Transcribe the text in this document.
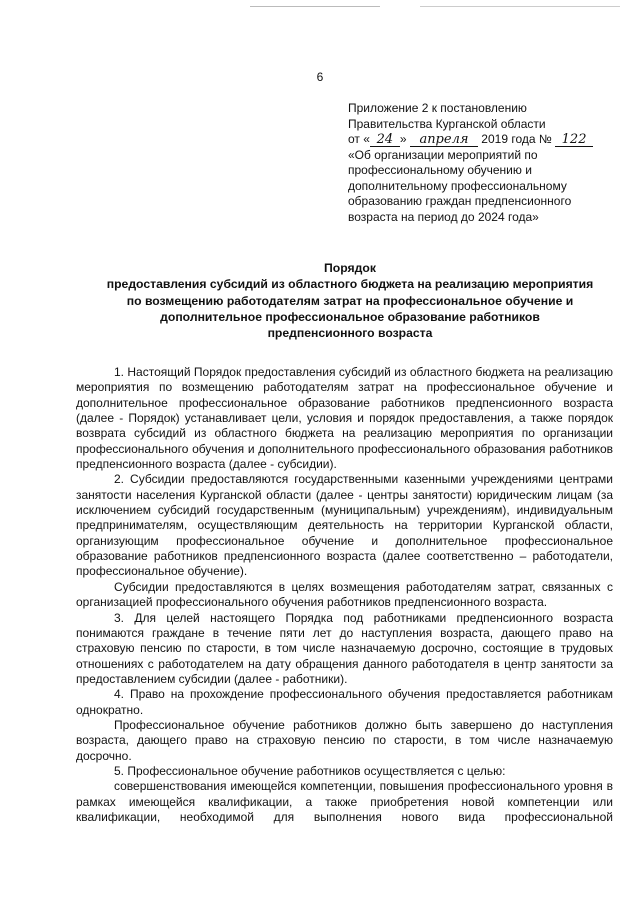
6
Приложение 2 к постановлению
Правительства Курганской области
от « 24 » апреля 2019 года № 122
«Об организации мероприятий по
профессиональному обучению и
дополнительному профессиональному
образованию граждан предпенсионного
возраста на период до 2024 года»
Порядок
предоставления субсидий из областного бюджета на реализацию мероприятия
по возмещению работодателям затрат на профессиональное обучение и
дополнительное профессиональное образование работников
предпенсионного возраста

1. Настоящий Порядок предоставления субсидий из областного бюджета на реализацию мероприятия по возмещению работодателям затрат на профессиональное обучение и дополнительное профессиональное образование работников предпенсионного возраста (далее - Порядок) устанавливает цели, условия и порядок предоставления, а также порядок возврата субсидий из областного бюджета на реализацию мероприятия по организации профессионального обучения и дополнительного профессионального образования работников предпенсионного возраста (далее - субсидии).

2. Субсидии предоставляются государственными казенными учреждениями центрами занятости населения Курганской области (далее - центры занятости) юридическим лицам (за исключением субсидий государственным (муниципальным) учреждениям), индивидуальным предпринимателям, осуществляющим деятельность на территории Курганской области, организующим профессиональное обучение и дополнительное профессиональное образование работников предпенсионного возраста (далее соответственно – работодатели, профессиональное обучение).

Субсидии предоставляются в целях возмещения работодателям затрат, связанных с организацией профессионального обучения работников предпенсионного возраста.

3. Для целей настоящего Порядка под работниками предпенсионного возраста понимаются граждане в течение пяти лет до наступления возраста, дающего право на страховую пенсию по старости, в том числе назначаемую досрочно, состоящие в трудовых отношениях с работодателем на дату обращения данного работодателя в центр занятости за предоставлением субсидии (далее - работники).

4. Право на прохождение профессионального обучения предоставляется работникам однократно.

Профессиональное обучение работников должно быть завершено до наступления возраста, дающего право на страховую пенсию по старости, в том числе назначаемую досрочно.

5. Профессиональное обучение работников осуществляется с целью:

совершенствования имеющейся компетенции, повышения профессионального уровня в рамках имеющейся квалификации, а также приобретения новой компетенции или квалификации, необходимой для выполнения нового вида профессиональной
